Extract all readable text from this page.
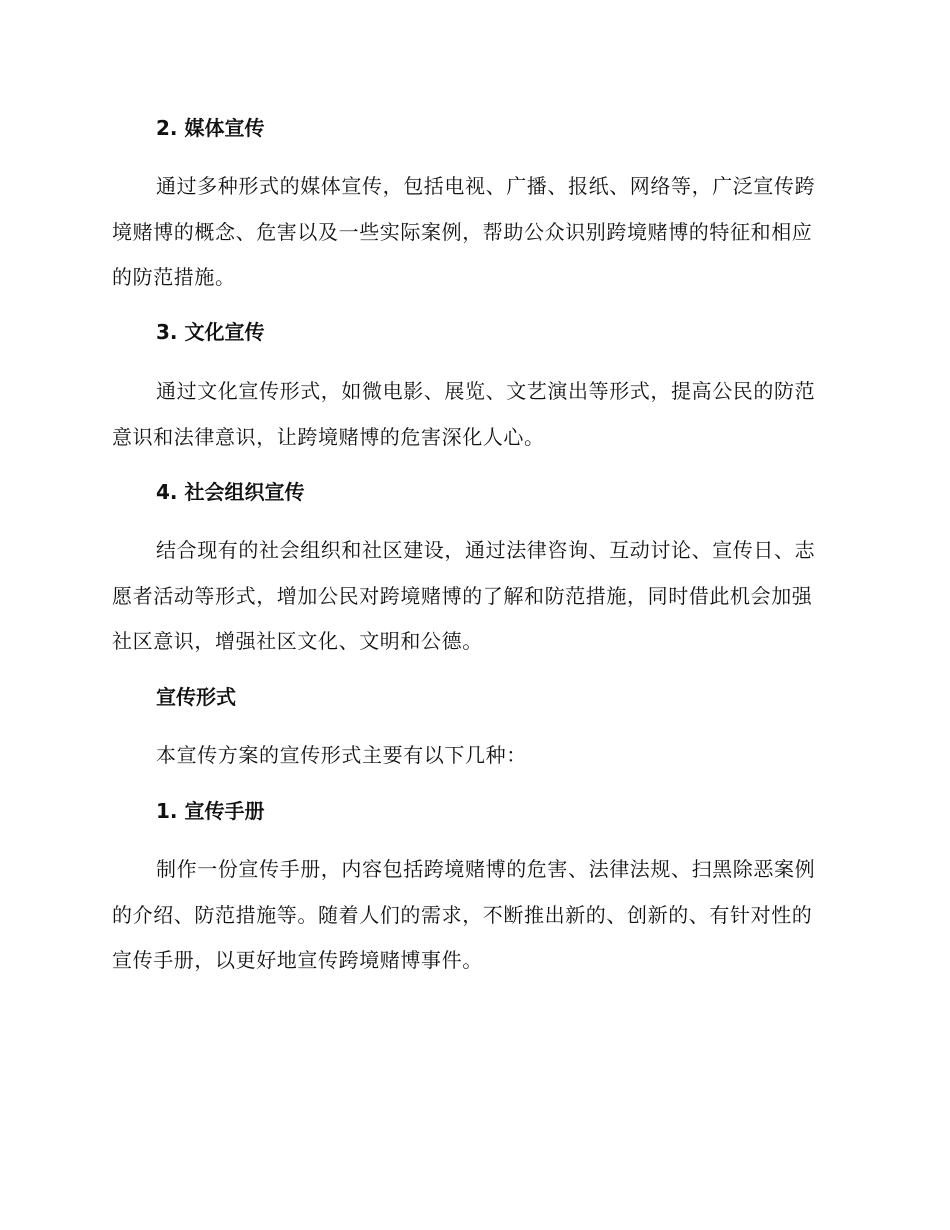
2. 媒体宣传

通过多种形式的媒体宣传，包括电视、广播、报纸、网络等，广泛宣传跨境赌博的概念、危害以及一些实际案例，帮助公众识别跨境赌博的特征和相应的防范措施。

3. 文化宣传

通过文化宣传形式，如微电影、展览、文艺演出等形式，提高公民的防范意识和法律意识，让跨境赌博的危害深化人心。

4. 社会组织宣传

结合现有的社会组织和社区建设，通过法律咨询、互动讨论、宣传日、志愿者活动等形式，增加公民对跨境赌博的了解和防范措施，同时借此机会加强社区意识，增强社区文化、文明和公德。

宣传形式

本宣传方案的宣传形式主要有以下几种：

1. 宣传手册

制作一份宣传手册，内容包括跨境赌博的危害、法律法规、扫黑除恶案例的介绍、防范措施等。随着人们的需求，不断推出新的、创新的、有针对性的宣传手册，以更好地宣传跨境赌博事件。
